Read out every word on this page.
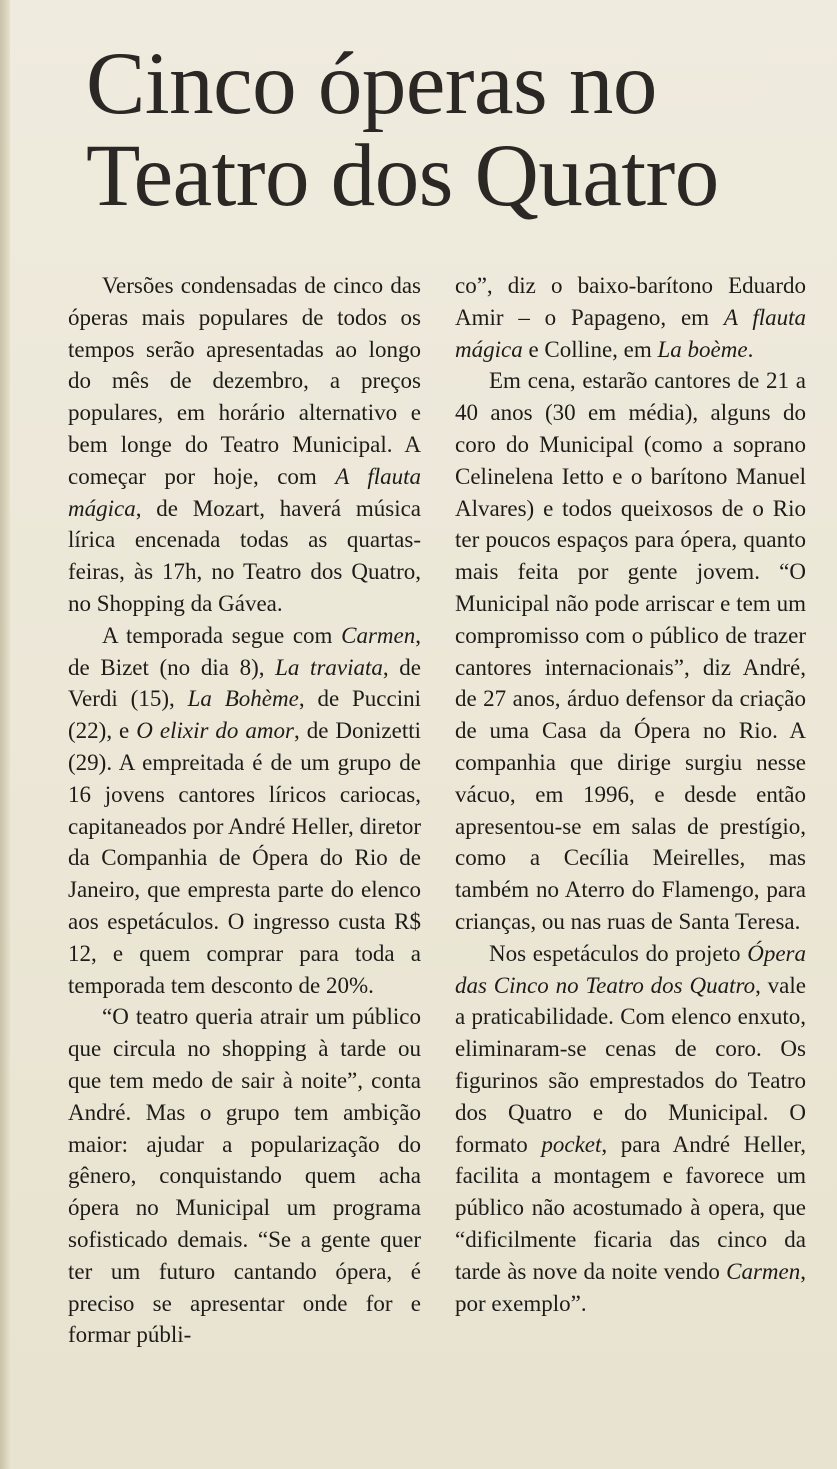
Cinco óperas no
Teatro dos Quatro

Versões condensadas de cinco das óperas mais populares de todos os tempos serão apresentadas ao longo do mês de dezembro, a preços populares, em horário alternativo e bem longe do Teatro Municipal. A começar por hoje, com A flauta mágica, de Mozart, haverá música lírica encenada todas as quartas-feiras, às 17h, no Teatro dos Quatro, no Shopping da Gávea.

A temporada segue com Carmen, de Bizet (no dia 8), La traviata, de Verdi (15), La Bohème, de Puccini (22), e O elixir do amor, de Donizetti (29). A empreitada é de um grupo de 16 jovens cantores líricos cariocas, capitaneados por André Heller, diretor da Companhia de Ópera do Rio de Janeiro, que empresta parte do elenco aos espetáculos. O ingresso custa R$ 12, e quem comprar para toda a temporada tem desconto de 20%.

“O teatro queria atrair um público que circula no shopping à tarde ou que tem medo de sair à noite”, conta André. Mas o grupo tem ambição maior: ajudar a popularização do gênero, conquistando quem acha ópera no Municipal um programa sofisticado demais. “Se a gente quer ter um futuro cantando ópera, é preciso se apresentar onde for e formar públi-

co”, diz o baixo-barítono Eduardo Amir – o Papageno, em A flauta mágica e Colline, em La boème.

Em cena, estarão cantores de 21 a 40 anos (30 em média), alguns do coro do Municipal (como a soprano Celinelena Ietto e o barítono Manuel Alvares) e todos queixosos de o Rio ter poucos espaços para ópera, quanto mais feita por gente jovem. “O Municipal não pode arriscar e tem um compromisso com o público de trazer cantores internacionais”, diz André, de 27 anos, árduo defensor da criação de uma Casa da Ópera no Rio. A companhia que dirige surgiu nesse vácuo, em 1996, e desde então apresentou-se em salas de prestígio, como a Cecília Meirelles, mas também no Aterro do Flamengo, para crianças, ou nas ruas de Santa Teresa.

Nos espetáculos do projeto Ópera das Cinco no Teatro dos Quatro, vale a praticabilidade. Com elenco enxuto, eliminaram-se cenas de coro. Os figurinos são emprestados do Teatro dos Quatro e do Municipal. O formato pocket, para André Heller, facilita a montagem e favorece um público não acostumado à opera, que “dificilmente ficaria das cinco da tarde às nove da noite vendo Carmen, por exemplo”.
